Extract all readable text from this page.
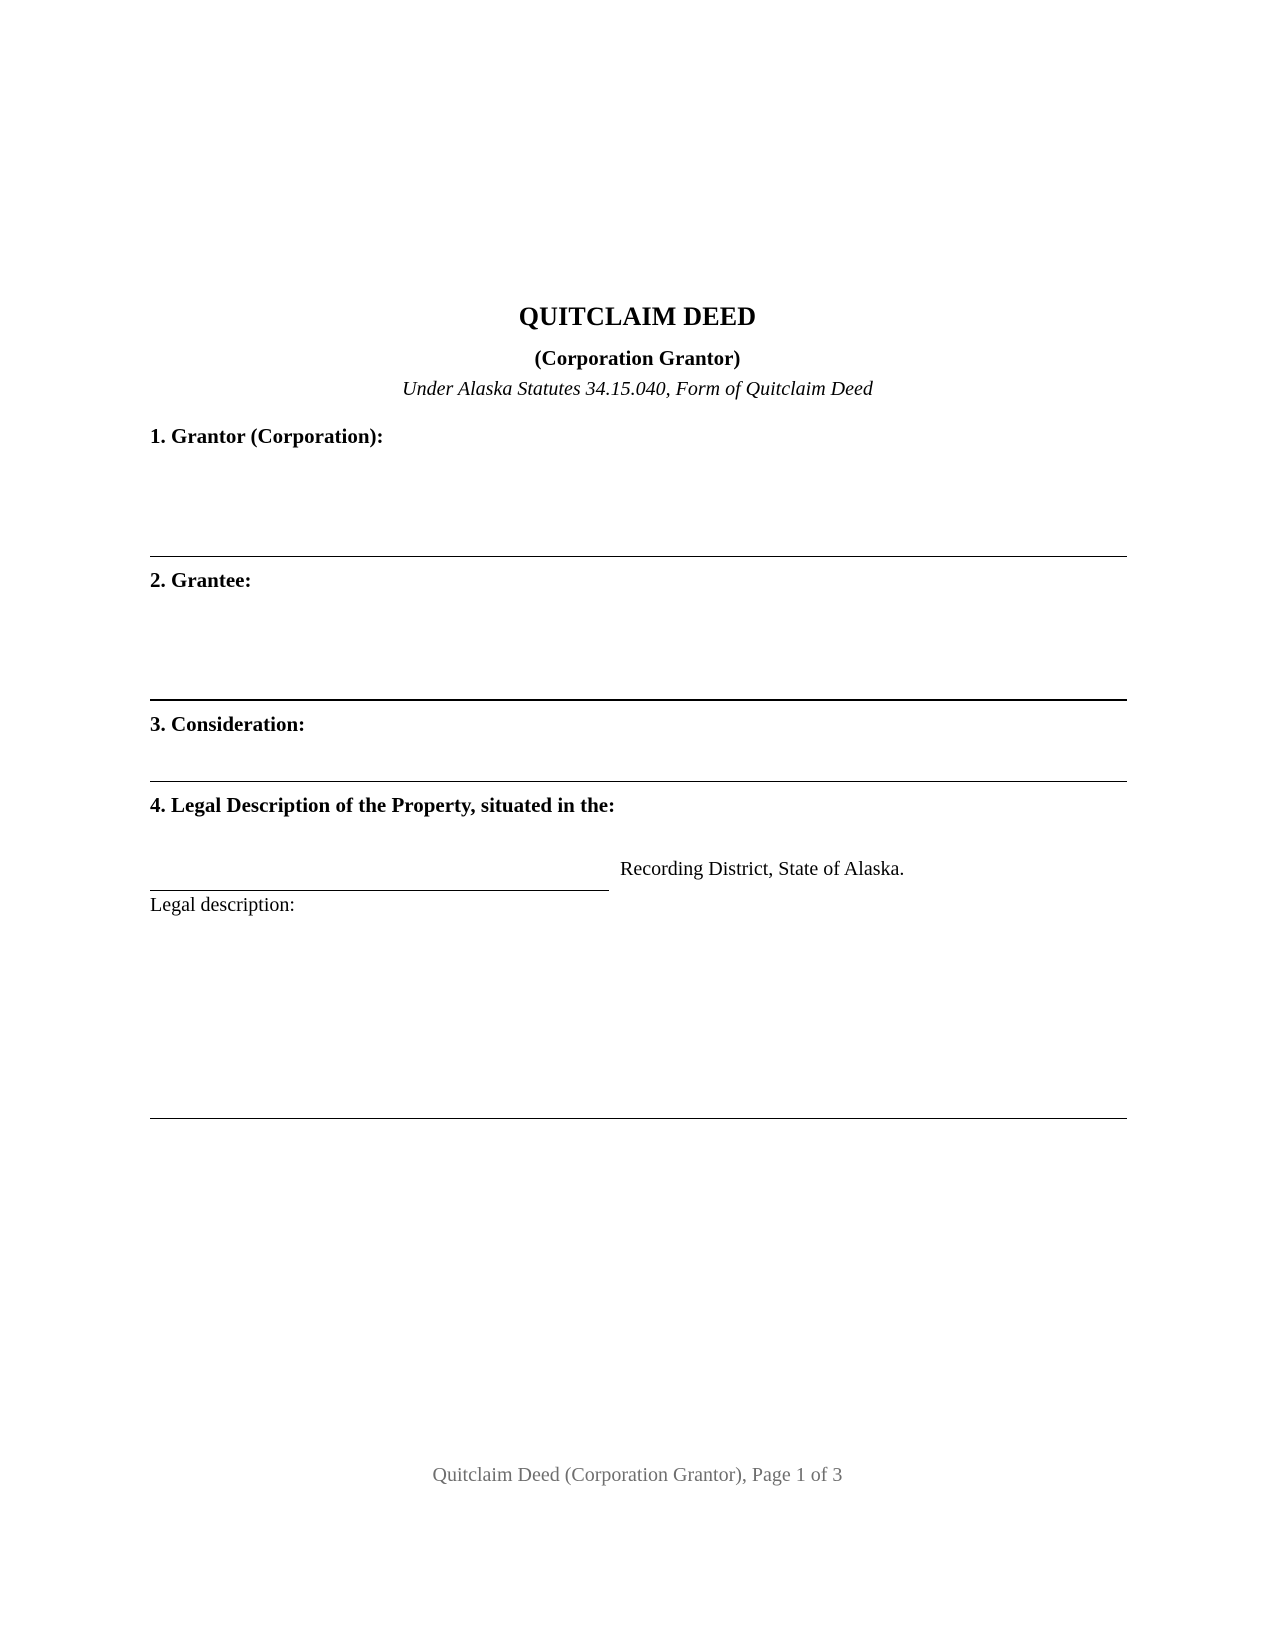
QUITCLAIM DEED
(Corporation Grantor)
Under Alaska Statutes 34.15.040, Form of Quitclaim Deed
1. Grantor (Corporation):
2. Grantee:
3. Consideration:
4. Legal Description of the Property, situated in the:
Recording District, State of Alaska.
Legal description:
Quitclaim Deed (Corporation Grantor), Page 1 of 3
